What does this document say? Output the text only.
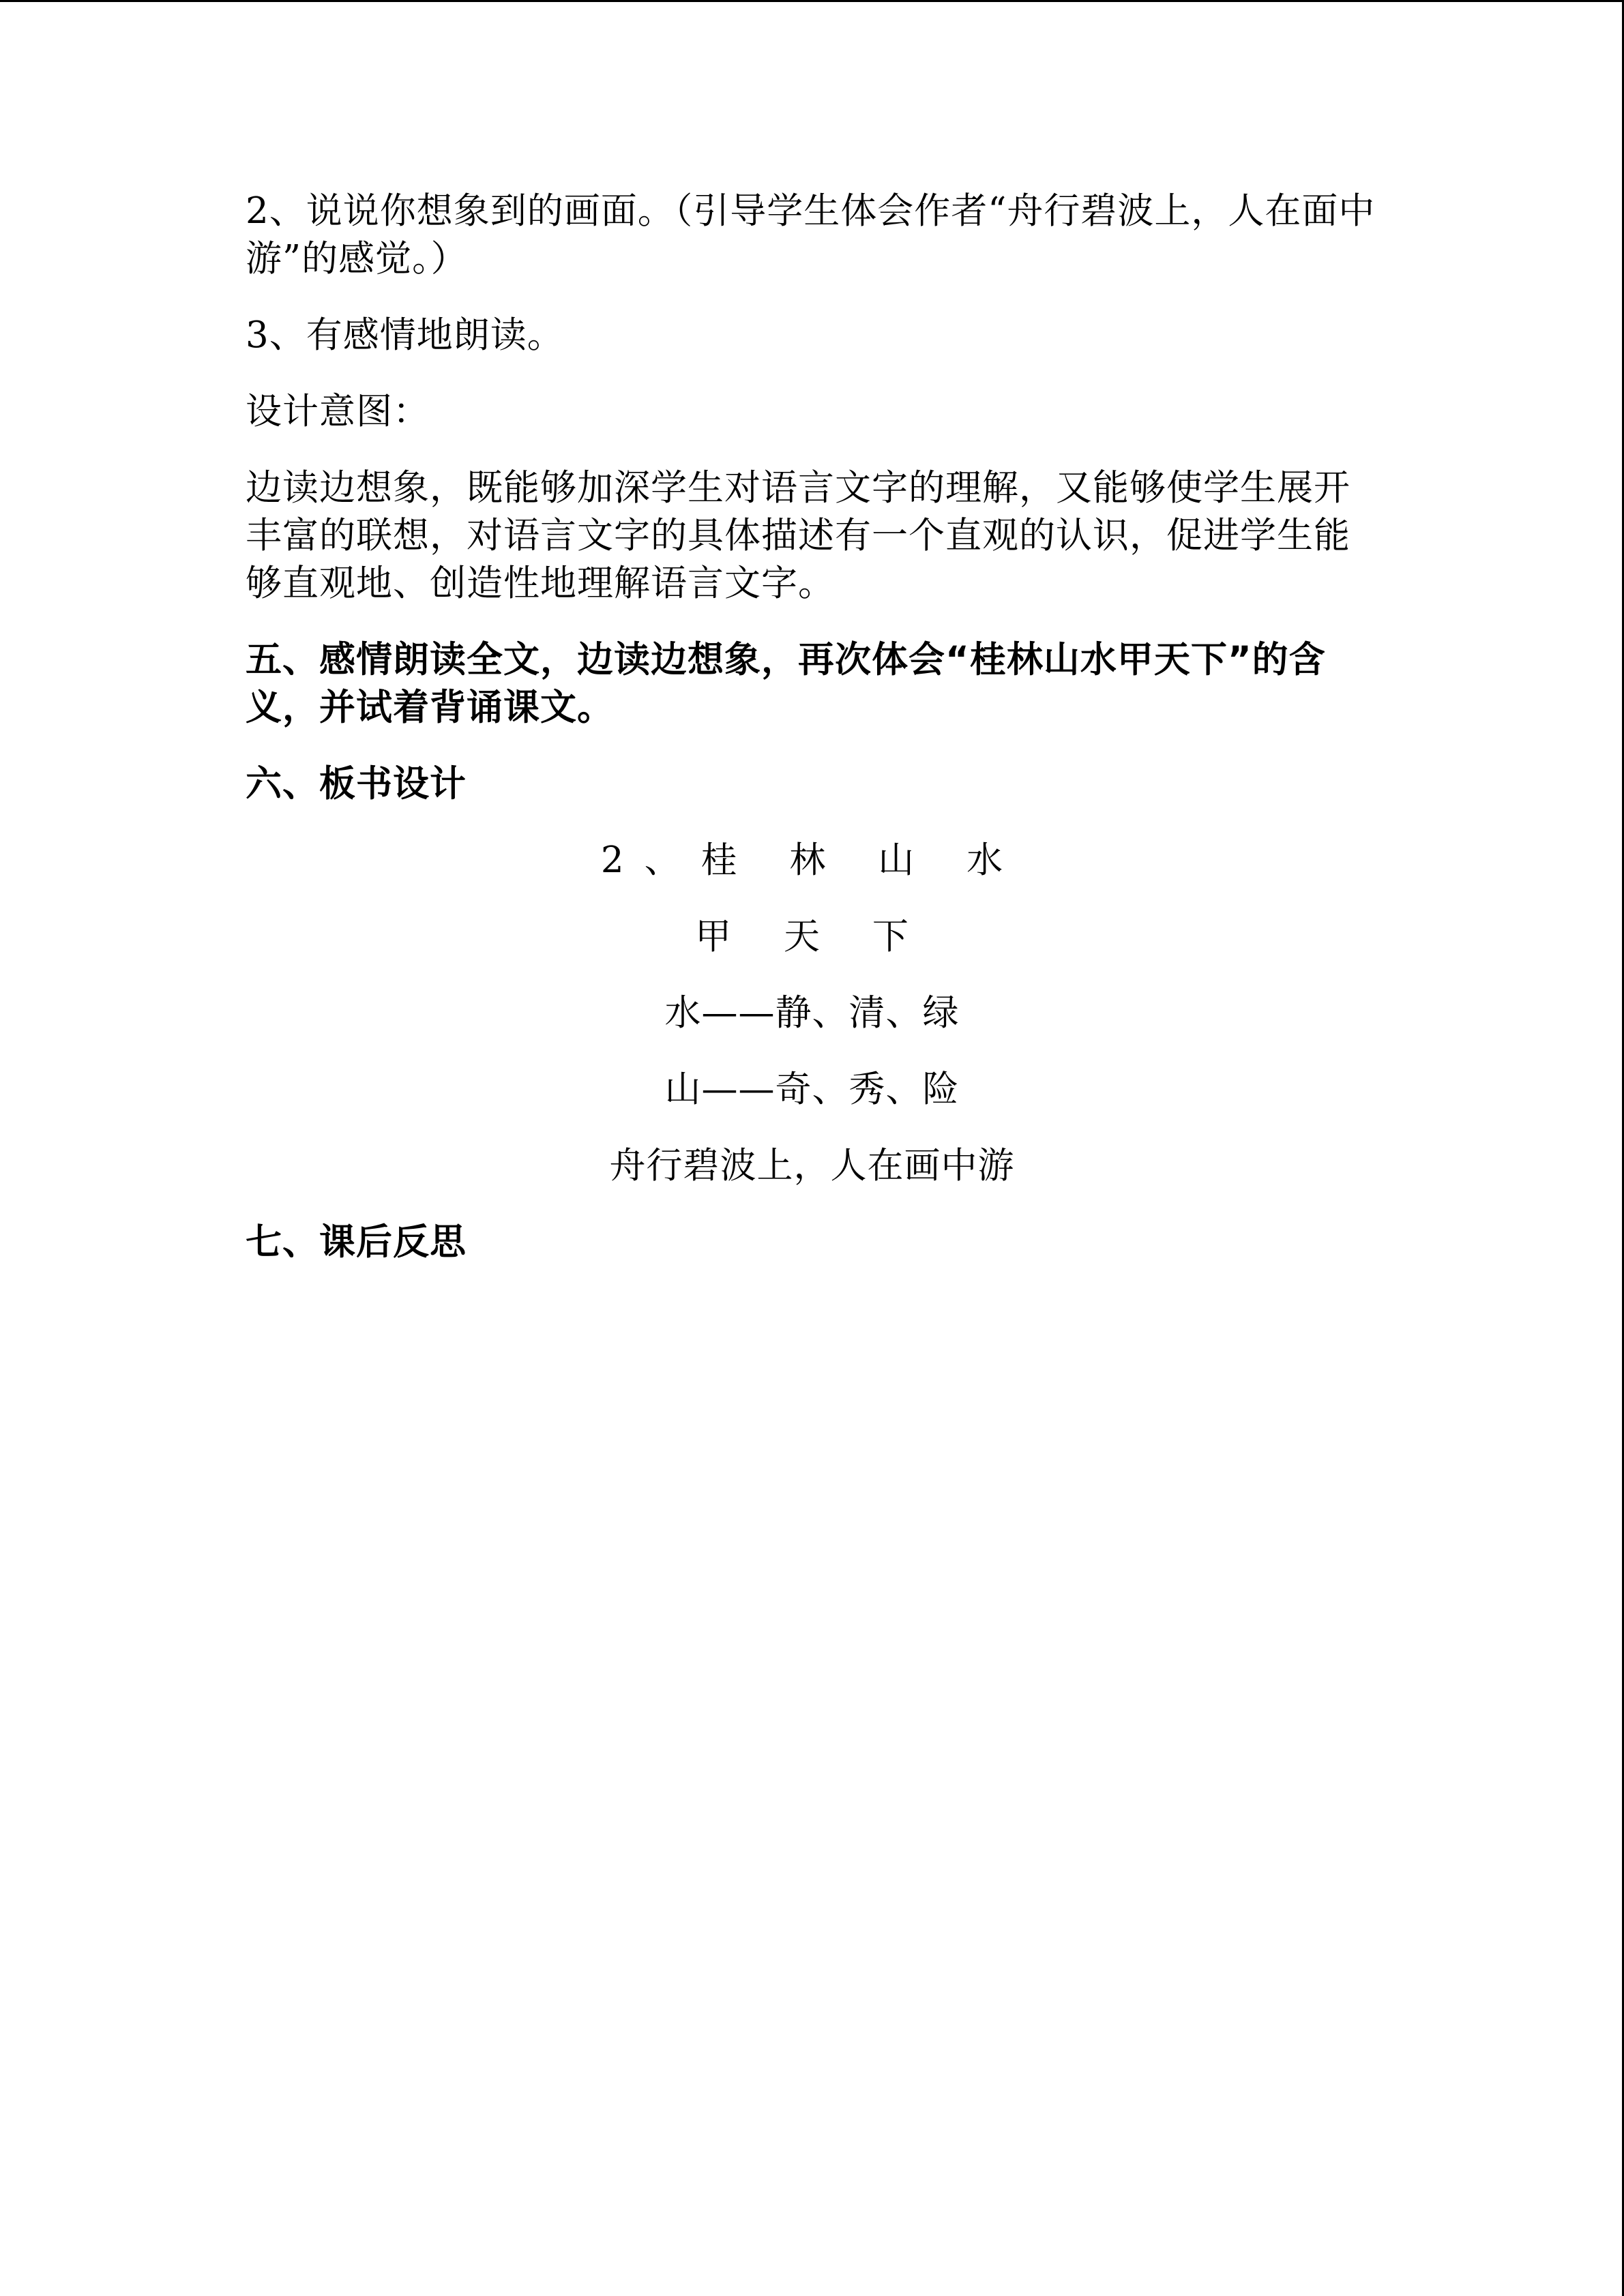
2、说说你想象到的画面。（引导学生体会作者“舟行碧波上，人在面中游”的感觉。）

3、有感情地朗读。

设计意图：

边读边想象，既能够加深学生对语言文字的理解，又能够使学生展开丰富的联想，对语言文字的具体描述有一个直观的认识，促进学生能够直观地、创造性地理解语言文字。

五、感情朗读全文，边读边想象，再次体会“桂林山水甲天下”的含义，并试着背诵课文。

六、板书设计

2、桂 林 山 水

甲 天 下

水——静、清、绿

山——奇、秀、险

舟行碧波上，人在画中游

七、课后反思
